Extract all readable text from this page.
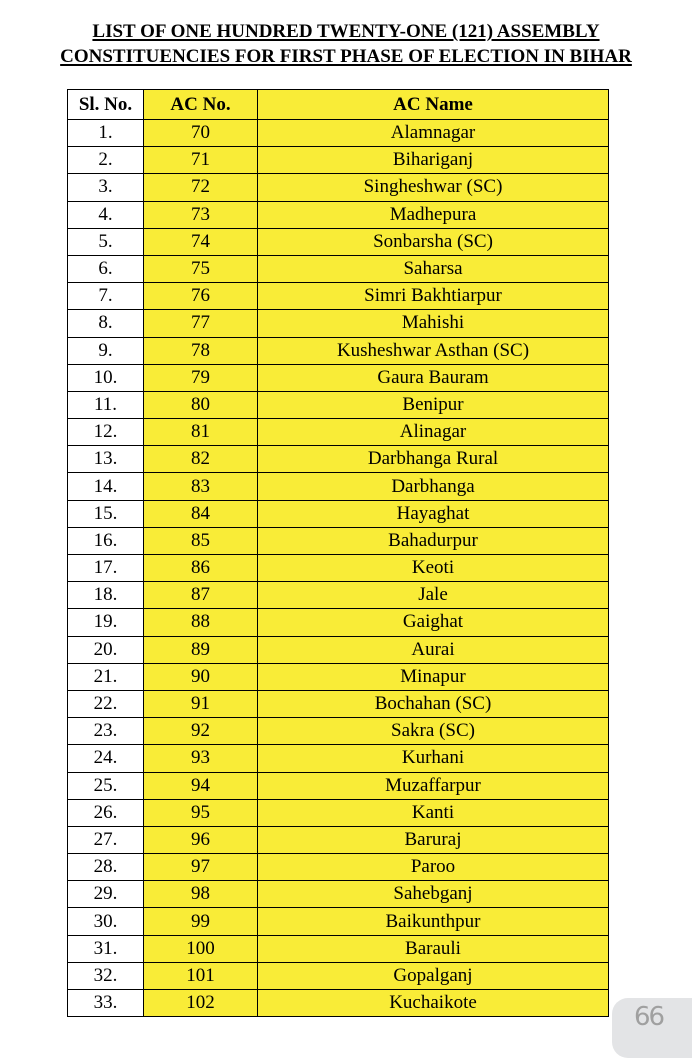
LIST OF ONE HUNDRED TWENTY-ONE (121) ASSEMBLY
CONSTITUENCIES FOR FIRST PHASE OF ELECTION IN BIHAR
Sl. No.	AC No.	AC Name
1.	70	Alamnagar
2.	71	Bihariganj
3.	72	Singheshwar (SC)
4.	73	Madhepura
5.	74	Sonbarsha (SC)
6.	75	Saharsa
7.	76	Simri Bakhtiarpur
8.	77	Mahishi
9.	78	Kusheshwar Asthan (SC)
10.	79	Gaura Bauram
11.	80	Benipur
12.	81	Alinagar
13.	82	Darbhanga Rural
14.	83	Darbhanga
15.	84	Hayaghat
16.	85	Bahadurpur
17.	86	Keoti
18.	87	Jale
19.	88	Gaighat
20.	89	Aurai
21.	90	Minapur
22.	91	Bochahan (SC)
23.	92	Sakra (SC)
24.	93	Kurhani
25.	94	Muzaffarpur
26.	95	Kanti
27.	96	Baruraj
28.	97	Paroo
29.	98	Sahebganj
30.	99	Baikunthpur
31.	100	Barauli
32.	101	Gopalganj
33.	102	Kuchaikote	66
